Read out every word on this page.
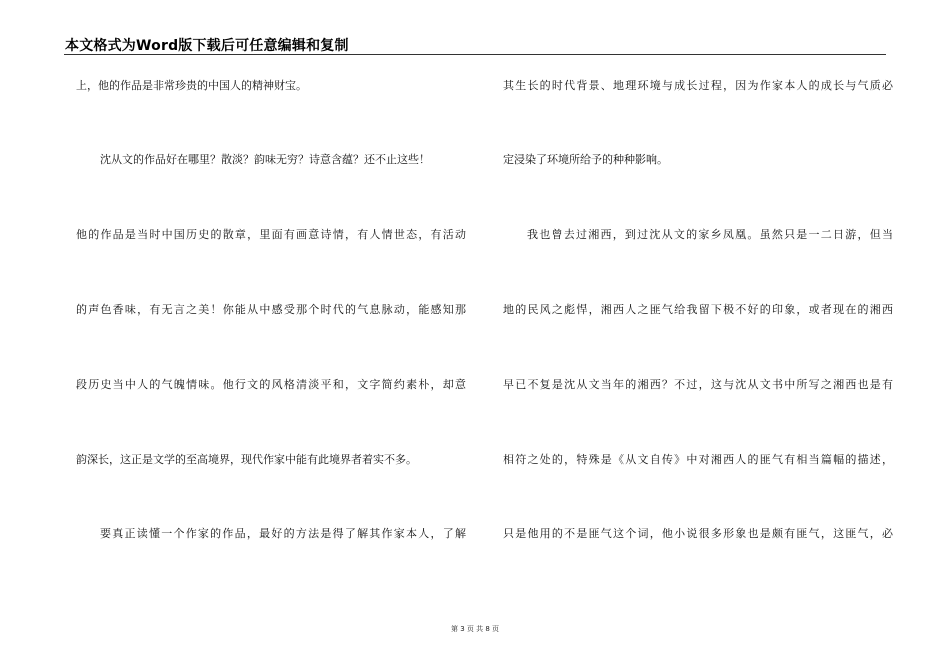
本文格式为Word版下载后可任意编辑和复制
上，他的作品是非常珍贵的中国人的精神财宝。
沈从文的作品好在哪里？散淡？韵味无穷？诗意含蕴？还不止这些！
他的作品是当时中国历史的散章，里面有画意诗情，有人情世态，有活动
的声色香味，有无言之美！你能从中感受那个时代的气息脉动，能感知那
段历史当中人的气魄情味。他行文的风格清淡平和，文字简约素朴，却意
韵深长，这正是文学的至高境界，现代作家中能有此境界者着实不多。
要真正读懂一个作家的作品，最好的方法是得了解其作家本人，了解
其生长的时代背景、地理环境与成长过程，因为作家本人的成长与气质必
定浸染了环境所给予的种种影响。
我也曾去过湘西，到过沈从文的家乡凤凰。虽然只是一二日游，但当
地的民风之彪悍，湘西人之匪气给我留下极不好的印象，或者现在的湘西
早已不复是沈从文当年的湘西？不过，这与沈从文书中所写之湘西也是有
相符之处的，特殊是《从文自传》中对湘西人的匪气有相当篇幅的描述，
只是他用的不是匪气这个词，他小说很多形象也是颇有匪气，这匪气，必
第 3 页 共 8 页
